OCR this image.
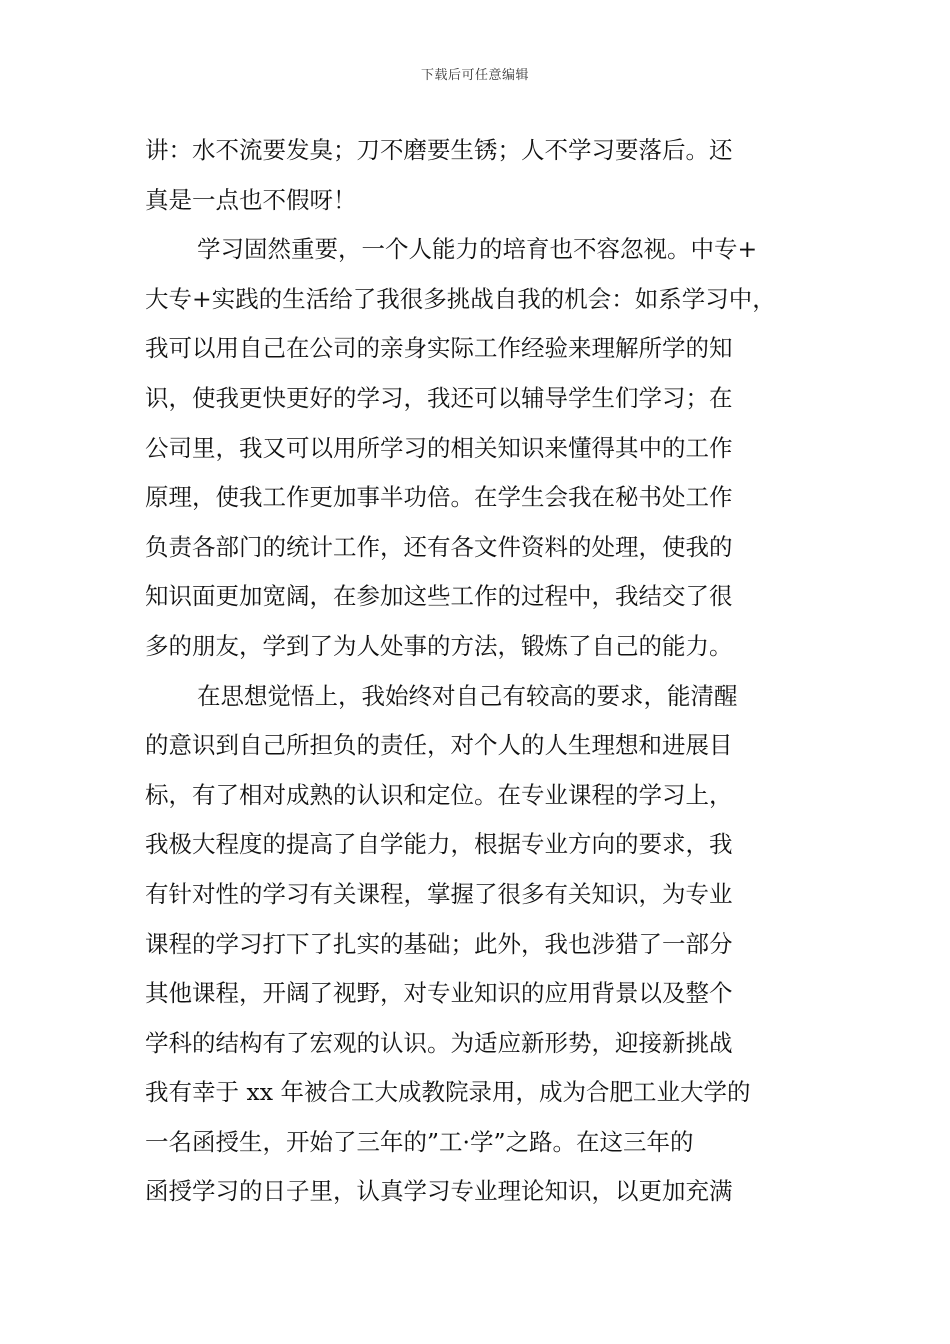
下载后可任意编辑
讲：水不流要发臭；刀不磨要生锈；人不学习要落后。还
真是一点也不假呀！
学习固然重要，一个人能力的培育也不容忽视。中专+
大专+实践的生活给了我很多挑战自我的机会：如系学习中，
我可以用自己在公司的亲身实际工作经验来理解所学的知
识，使我更快更好的学习，我还可以辅导学生们学习；在
公司里，我又可以用所学习的相关知识来懂得其中的工作
原理，使我工作更加事半功倍。在学生会我在秘书处工作
负责各部门的统计工作，还有各文件资料的处理，使我的
知识面更加宽阔，在参加这些工作的过程中，我结交了很
多的朋友，学到了为人处事的方法，锻炼了自己的能力。
在思想觉悟上，我始终对自己有较高的要求，能清醒
的意识到自己所担负的责任，对个人的人生理想和进展目
标，有了相对成熟的认识和定位。在专业课程的学习上，
我极大程度的提高了自学能力，根据专业方向的要求，我
有针对性的学习有关课程，掌握了很多有关知识，为专业
课程的学习打下了扎实的基础；此外，我也涉猎了一部分
其他课程，开阔了视野，对专业知识的应用背景以及整个
学科的结构有了宏观的认识。为适应新形势，迎接新挑战
我有幸于 xx 年被合工大成教院录用，成为合肥工业大学的
一名函授生，开始了三年的”工·学”之路。在这三年的
函授学习的日子里，认真学习专业理论知识，以更加充满
